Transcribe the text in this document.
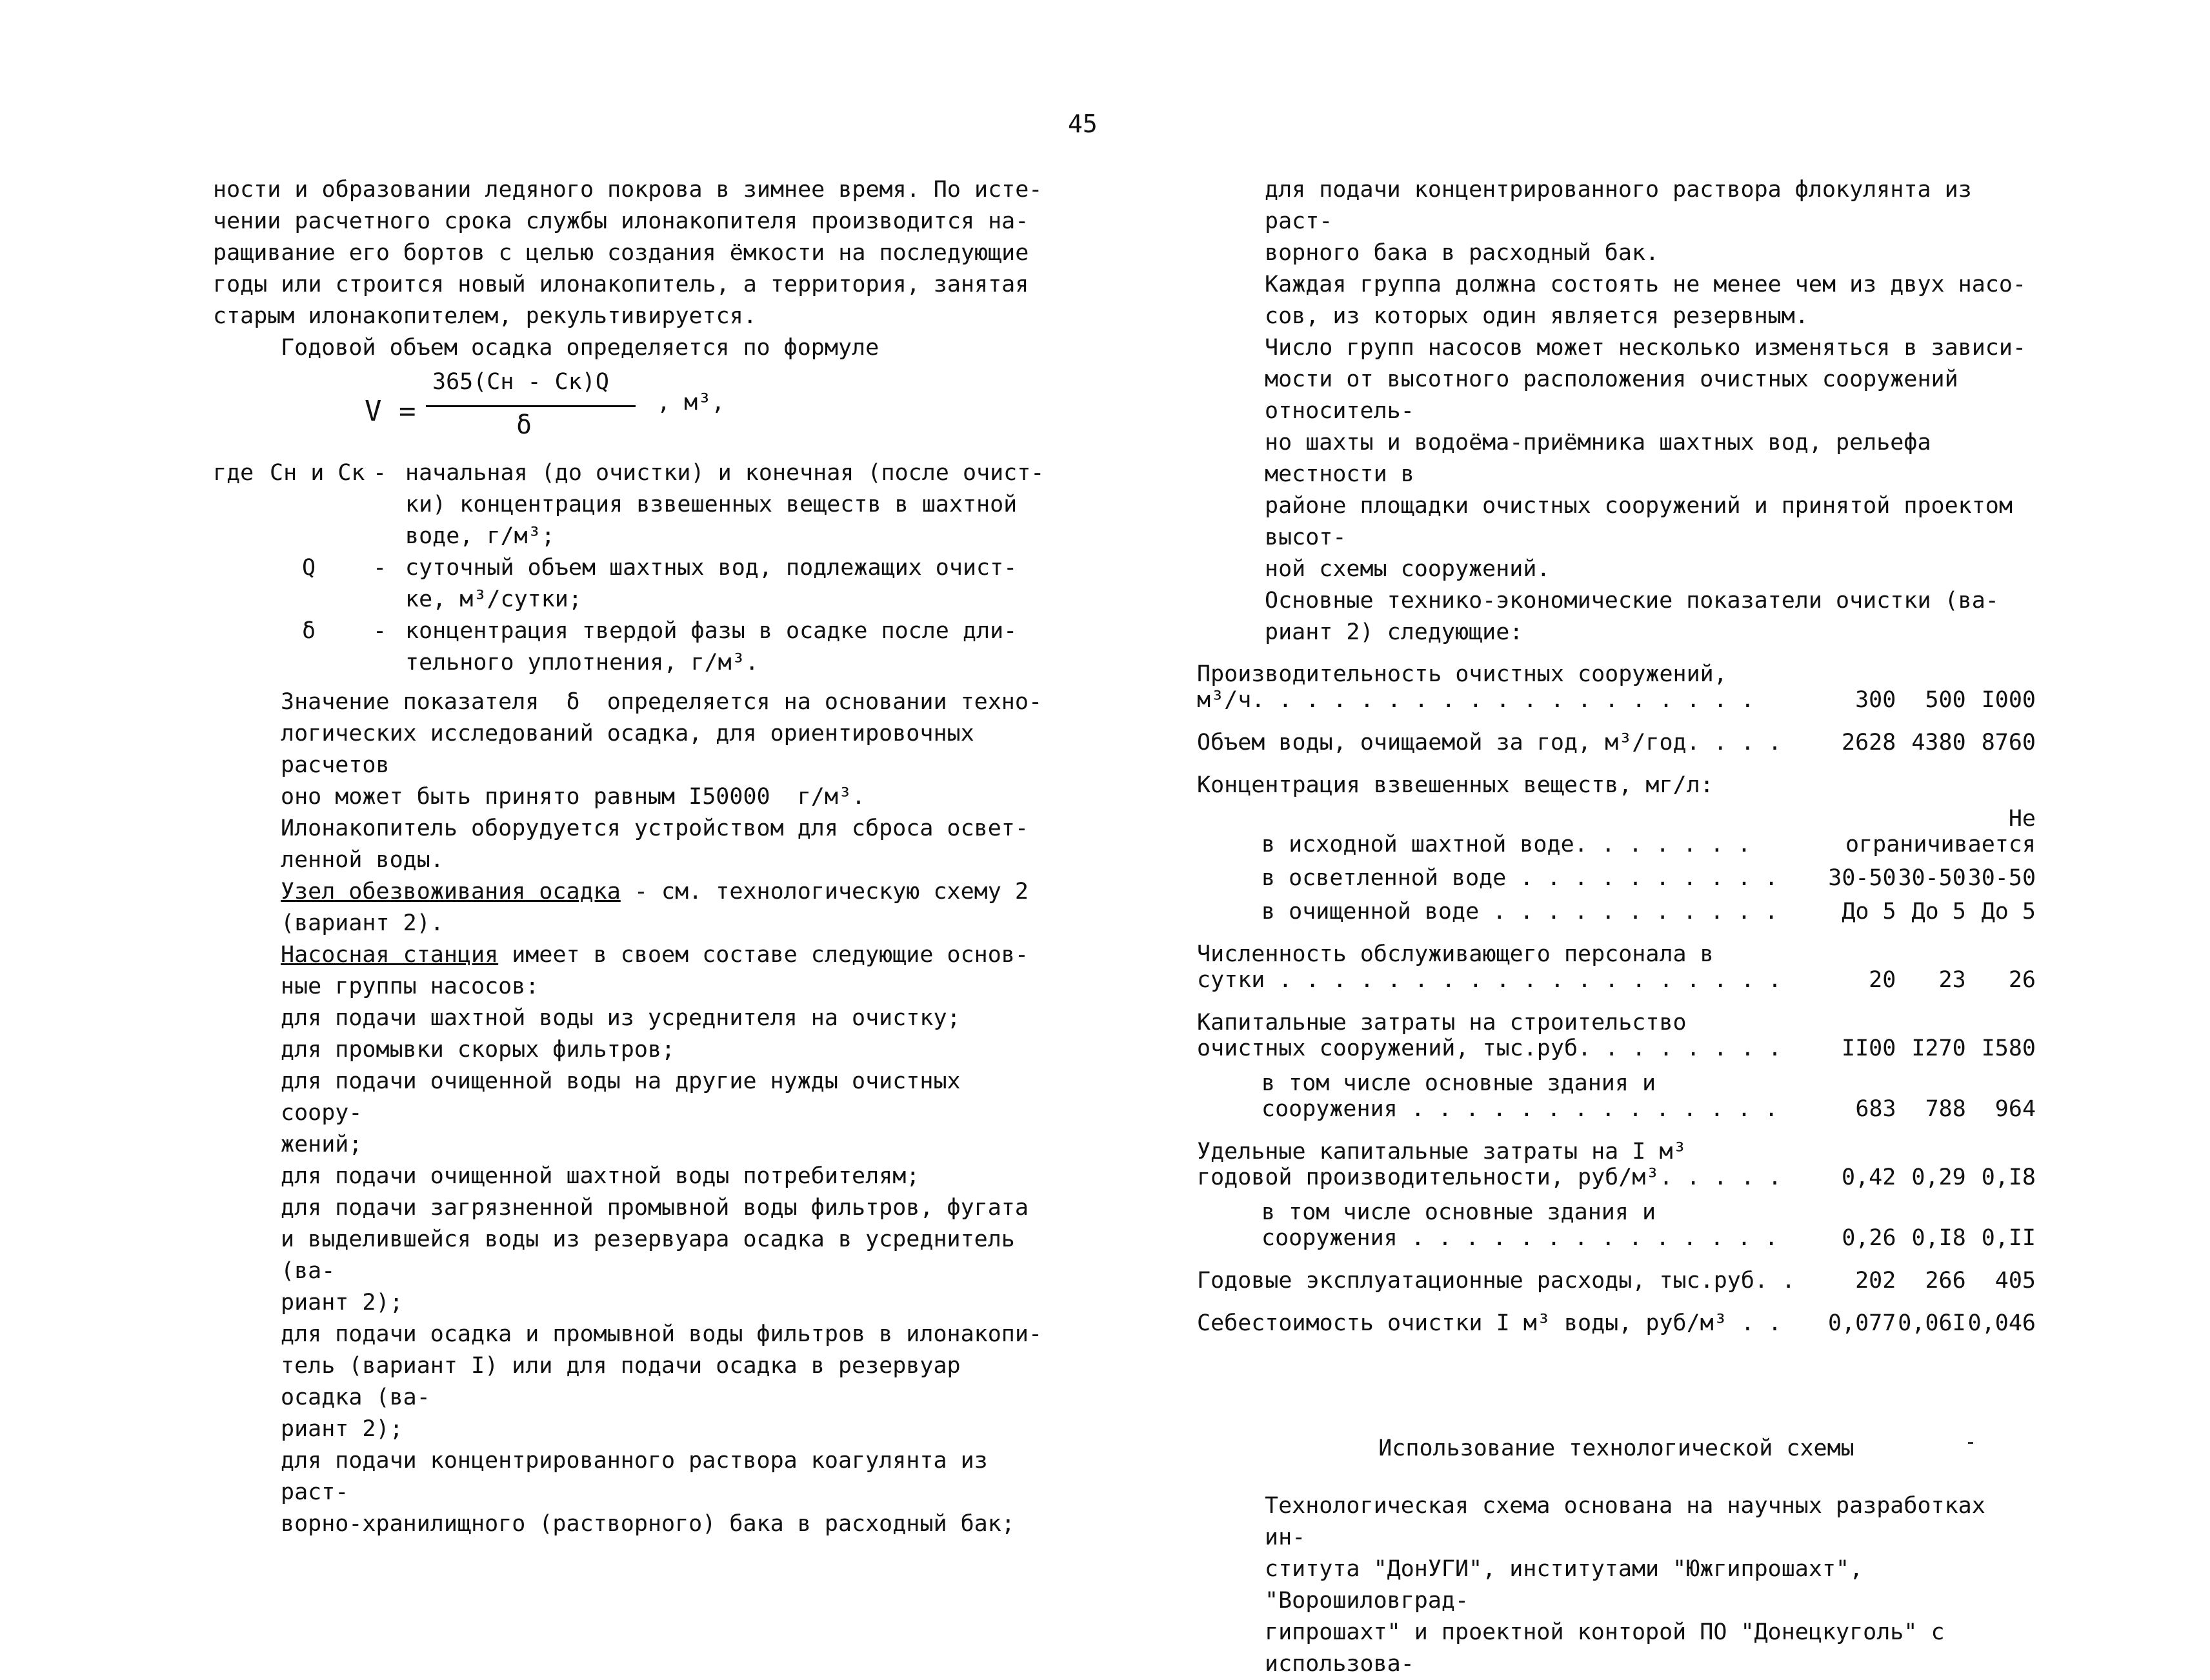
45

ности и образовании ледяного покрова в зимнее время. По исте-
чении расчетного срока службы илонакопителя производится на-
ращивание его бортов с целью создания ёмкости на последующие
годы или строится новый илонакопитель, а территория, занятая
старым илонакопителем, рекультивируется.

Годовой объем осадка определяется по формуле

V =
365(Cн - Cк)Q
δ
, м³,
где Cн и Cк - начальная (до очистки) и конечная (после очист-
ки) концентрация взвешенных веществ в шахтной
воде, г/м³;

Q	- суточный объем шахтных вод, подлежащих очист-
ке, м³/сутки;

δ	- концентрация твердой фазы в осадке после дли-
тельного уплотнения, г/м³.

Значение показателя  δ  определяется на основании техно-
логических исследований осадка, для ориентировочных расчетов
оно может быть принято равным I50000  г/м³.

Илонакопитель оборудуется устройством для сброса освет-
ленной воды.

Узел обезвоживания осадка - см. технологическую схему 2
(вариант 2).

Насосная станция имеет в своем составе следующие основ-
ные группы насосов:

для подачи шахтной воды из усреднителя на очистку;

для промывки скорых фильтров;

для подачи очищенной воды на другие нужды очистных соору-
жений;

для подачи очищенной шахтной воды потребителям;

для подачи загрязненной промывной воды фильтров, фугата
и выделившейся воды из резервуара осадка в усреднитель (ва-
риант 2);

для подачи осадка и промывной воды фильтров в илонакопи-
тель (вариант I) или для подачи осадка в резервуар осадка (ва-
риант 2);

для подачи концентрированного раствора коагулянта из раст-
ворно-хранилищного (растворного) бака в расходный бак;

для подачи концентрированного раствора флокулянта из раст-
ворного бака в расходный бак.

Каждая группа должна состоять не менее чем из двух насо-
сов, из которых один является резервным.

Число групп насосов может несколько изменяться в зависи-
мости от высотного расположения очистных сооружений относитель-
но шахты и водоёма-приёмника шахтных вод, рельефа местности в
районе площадки очистных сооружений и принятой проектом высот-
ной схемы сооружений.

Основные технико-экономические показатели очистки (ва-
риант 2) следующие:

Производительность очистных сооружений,
м³/ч. . . . . . . . . . . . . . . . . . .	300	500 I000
Объем воды, очищаемой за год, м³/год. . . .	2628 4380 8760
Концентрация взвешенных веществ, мг/л:
в исходной шахтной воде. . . . . . .
Не ограничивается
в осветленной воде . . . . . . . . . .	30-50 30-50 30-50
в очищенной воде . . . . . . . . . . .	До 5 До 5 До 5
Численность обслуживающего персонала в
сутки . . . . . . . . . . . . . . . . . . .	20	23	26
Капитальные затраты на строительство
очистных сооружений, тыс.руб. . . . . . . .	II00 I270 I580
в том числе основные здания и
сооружения . . . . . . . . . . . . . .	683	788	964
Удельные капитальные затраты на I м³
годовой производительности, руб/м³. . . . .	0,42 0,29 0,I8
в том числе основные здания и
сооружения . . . . . . . . . . . . . .	0,26 0,I8 0,II
Годовые эксплуатационные расходы, тыс.руб. .	202	266	405
Себестоимость очистки I м³ воды, руб/м³ . .	0,077 0,06I 0,046

Использование технологической схемы

Технологическая схема основана на научных разработках ин-
ститута "ДонУГИ", институтами "Южгипрошахт", "Ворошиловград-
гипрошахт" и проектной конторой ПО "Донецкуголь" с использова-
